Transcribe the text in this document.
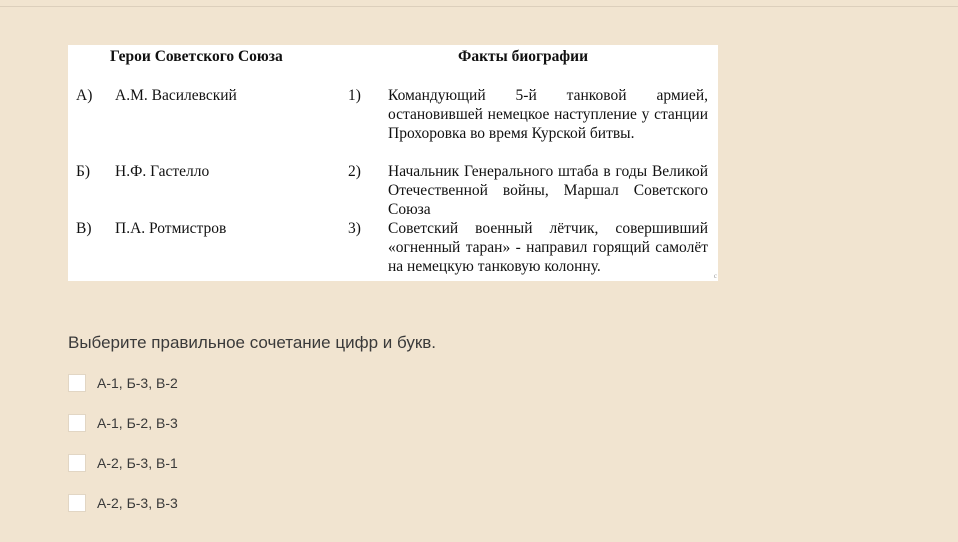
Герои Советского Союза	Факты биографии
А) А.М. Василевский	1) Командующий 5-й танковой армией, остановившей немецкое наступление у станции Прохоровка во время Курской битвы.
Б) Н.Ф. Гастелло	2) Начальник Генерального штаба в годы Великой Отечественной войны, Маршал Советского Союза
В) П.А. Ротмистров	3) Советский военный лётчик, совершивший «огненный таран» - направил горящий самолёт на немецкую танковую колонну.
c
Выберите правильное сочетание цифр и букв.
А-1, Б-3, В-2
А-1, Б-2, В-3
А-2, Б-3, В-1
А-2, Б-3, В-3
